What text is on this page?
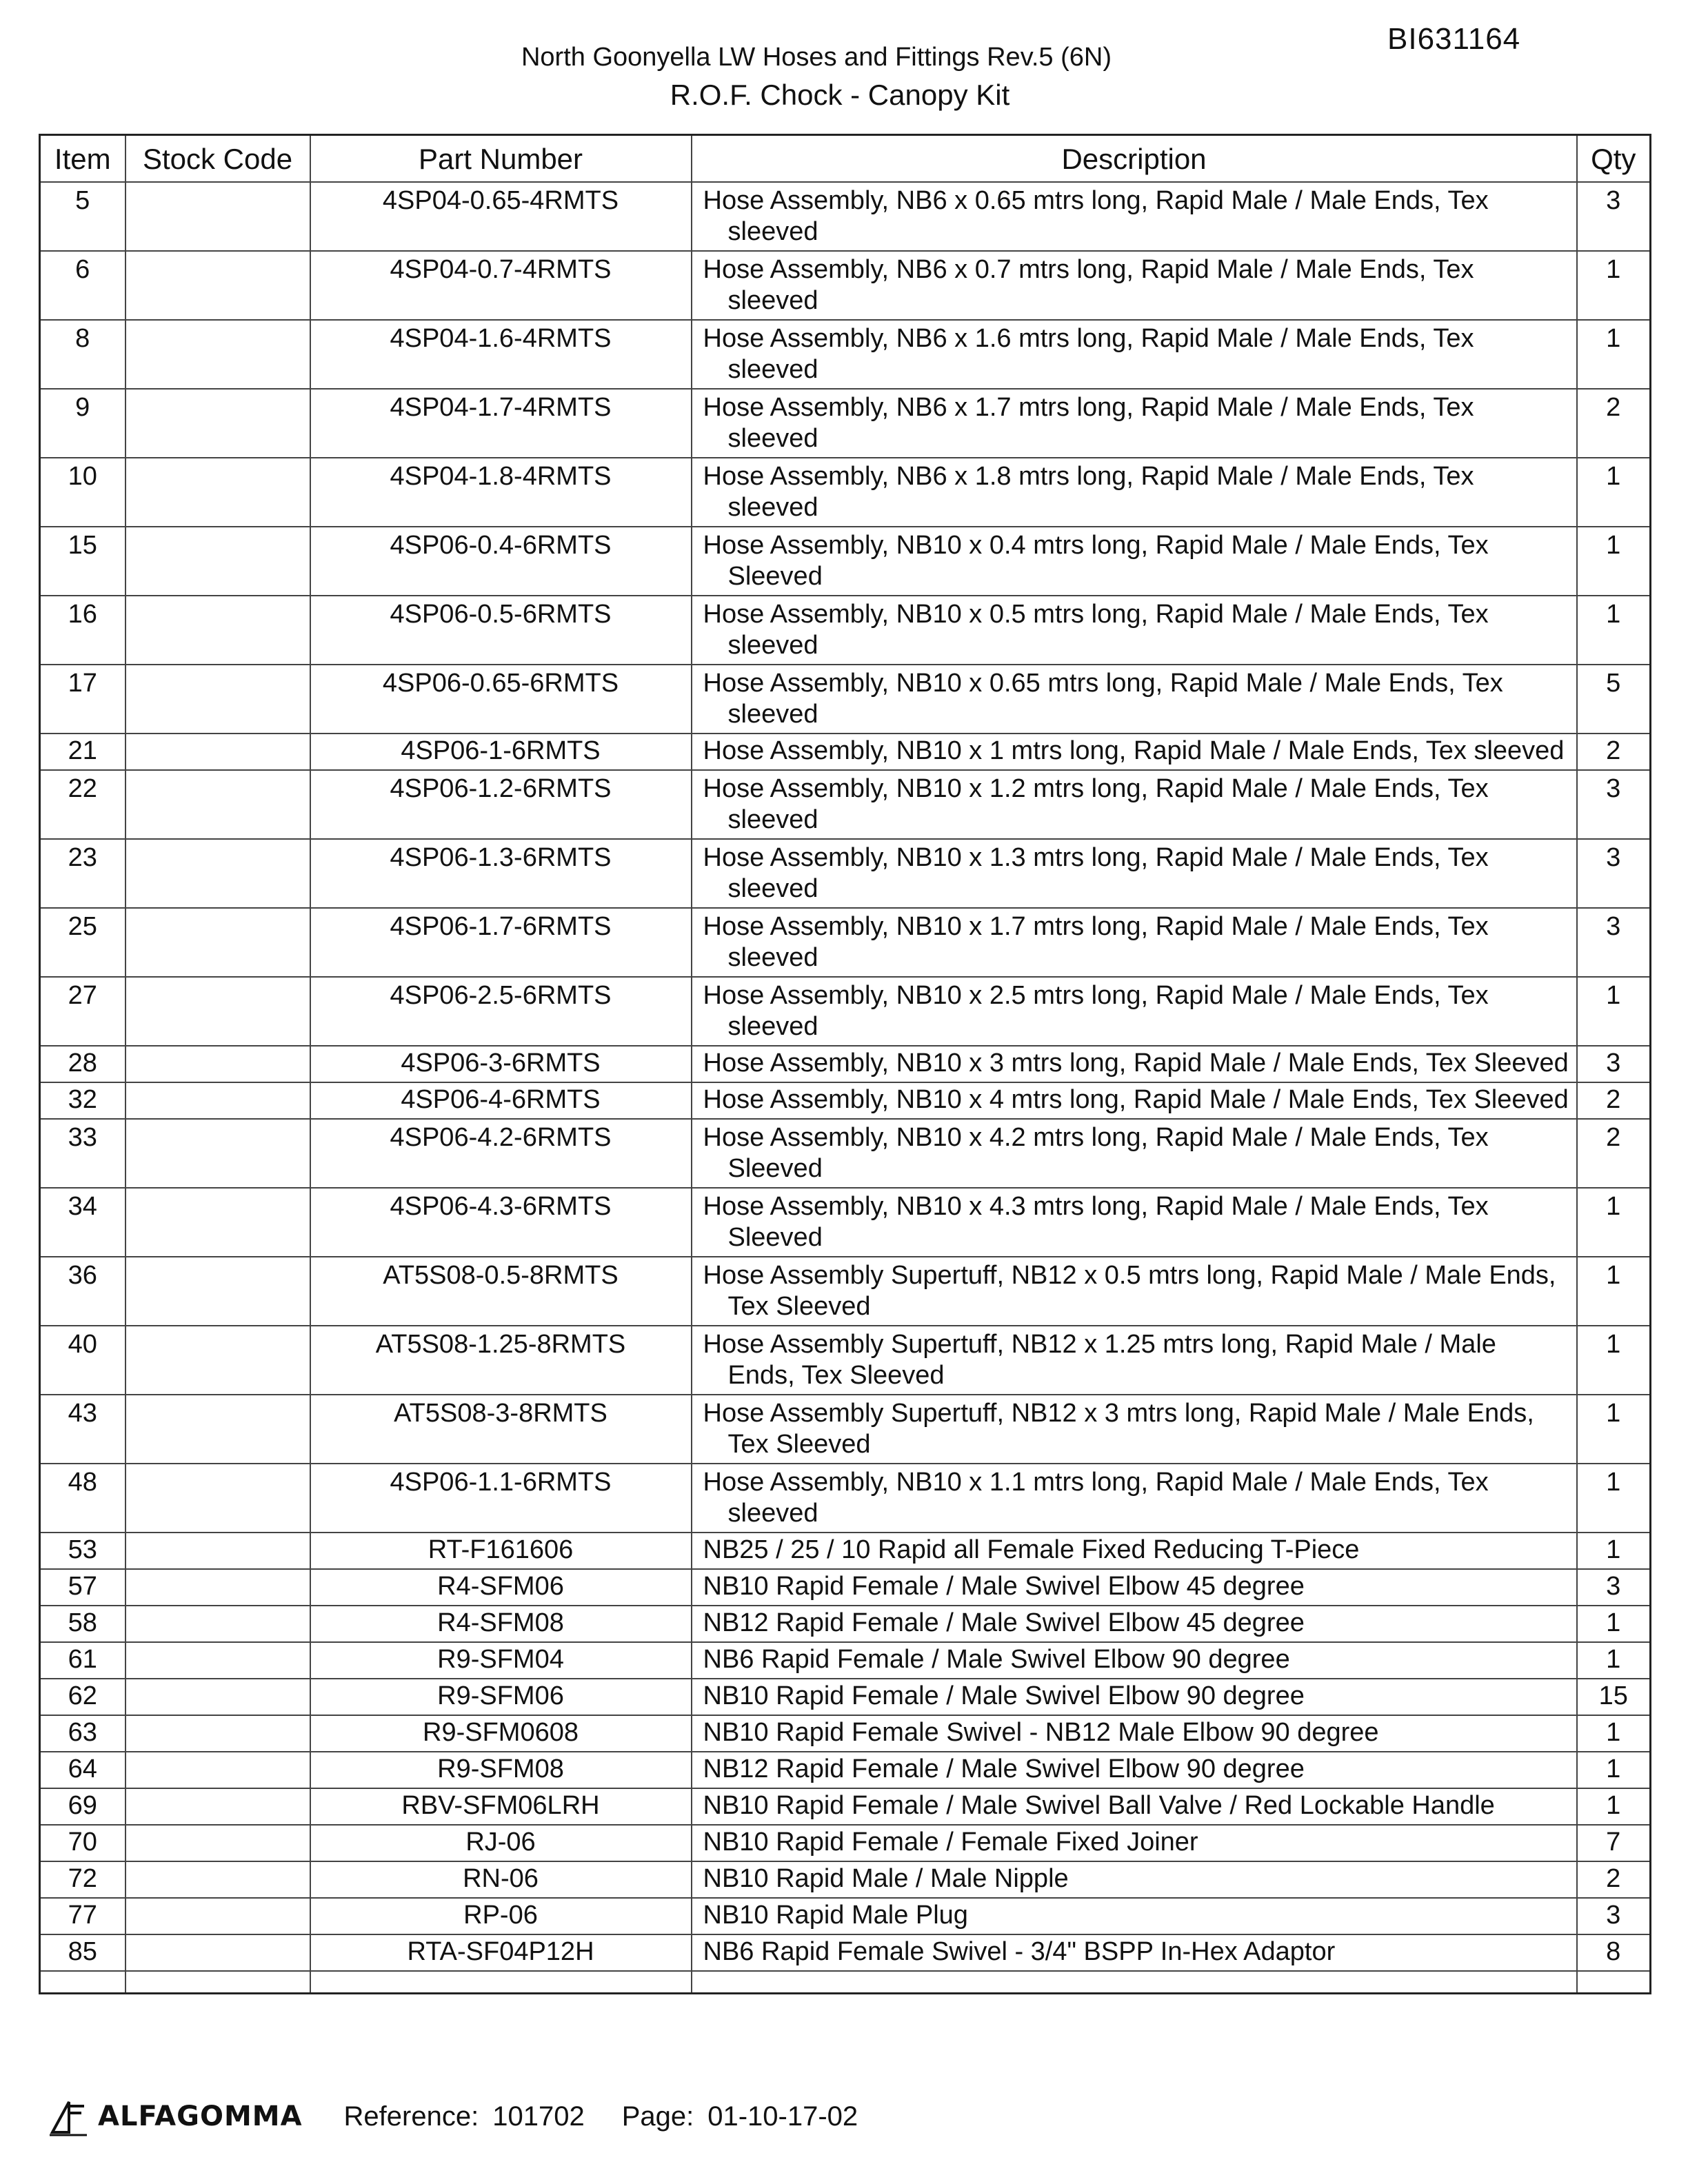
BI631164
North Goonyella LW Hoses and Fittings Rev.5 (6N)
R.O.F. Chock - Canopy Kit
Item	Stock Code	Part Number	Description	Qty
5		4SP04-0.65-4RMTS	Hose Assembly, NB6 x 0.65 mtrs long, Rapid Male / Male Ends, Tex sleeved	3
6		4SP04-0.7-4RMTS	Hose Assembly, NB6 x 0.7 mtrs long, Rapid Male / Male Ends, Tex sleeved	1
8		4SP04-1.6-4RMTS	Hose Assembly, NB6 x 1.6 mtrs long, Rapid Male / Male Ends, Tex sleeved	1
9		4SP04-1.7-4RMTS	Hose Assembly, NB6 x 1.7 mtrs long, Rapid Male / Male Ends, Tex sleeved	2
10		4SP04-1.8-4RMTS	Hose Assembly, NB6 x 1.8 mtrs long, Rapid Male / Male Ends, Tex sleeved	1
15		4SP06-0.4-6RMTS	Hose Assembly, NB10 x 0.4 mtrs long, Rapid Male / Male Ends, Tex Sleeved	1
16		4SP06-0.5-6RMTS	Hose Assembly, NB10 x 0.5 mtrs long, Rapid Male / Male Ends, Tex sleeved	1
17		4SP06-0.65-6RMTS	Hose Assembly, NB10 x 0.65 mtrs long, Rapid Male / Male Ends, Tex sleeved	5
21		4SP06-1-6RMTS	Hose Assembly, NB10 x 1 mtrs long, Rapid Male / Male Ends, Tex sleeved	2
22		4SP06-1.2-6RMTS	Hose Assembly, NB10 x 1.2 mtrs long, Rapid Male / Male Ends, Tex sleeved	3
23		4SP06-1.3-6RMTS	Hose Assembly, NB10 x 1.3 mtrs long, Rapid Male / Male Ends, Tex sleeved	3
25		4SP06-1.7-6RMTS	Hose Assembly, NB10 x 1.7 mtrs long, Rapid Male / Male Ends, Tex sleeved	3
27		4SP06-2.5-6RMTS	Hose Assembly, NB10 x 2.5 mtrs long, Rapid Male / Male Ends, Tex sleeved	1
28		4SP06-3-6RMTS	Hose Assembly, NB10 x 3 mtrs long, Rapid Male / Male Ends, Tex Sleeved	3
32		4SP06-4-6RMTS	Hose Assembly, NB10 x 4 mtrs long, Rapid Male / Male Ends, Tex Sleeved	2
33		4SP06-4.2-6RMTS	Hose Assembly, NB10 x 4.2 mtrs long, Rapid Male / Male Ends, Tex Sleeved	2
34		4SP06-4.3-6RMTS	Hose Assembly, NB10 x 4.3 mtrs long, Rapid Male / Male Ends, Tex Sleeved	1
36		AT5S08-0.5-8RMTS	Hose Assembly Supertuff, NB12 x 0.5 mtrs long, Rapid Male / Male Ends, Tex Sleeved	1
40		AT5S08-1.25-8RMTS	Hose Assembly Supertuff, NB12 x 1.25 mtrs long, Rapid Male / Male Ends, Tex Sleeved	1
43		AT5S08-3-8RMTS	Hose Assembly Supertuff, NB12 x 3 mtrs long, Rapid Male / Male Ends, Tex Sleeved	1
48		4SP06-1.1-6RMTS	Hose Assembly, NB10 x 1.1 mtrs long, Rapid Male / Male Ends, Tex sleeved	1
53		RT-F161606	NB25 / 25 / 10 Rapid all Female Fixed Reducing T-Piece	1
57		R4-SFM06	NB10 Rapid Female / Male Swivel Elbow 45 degree	3
58		R4-SFM08	NB12 Rapid Female / Male Swivel Elbow 45 degree	1
61		R9-SFM04	NB6 Rapid Female / Male Swivel Elbow 90 degree	1
62		R9-SFM06	NB10 Rapid Female / Male Swivel Elbow 90 degree	15
63		R9-SFM0608	NB10 Rapid Female Swivel - NB12 Male Elbow 90 degree	1
64		R9-SFM08	NB12 Rapid Female / Male Swivel Elbow 90 degree	1
69		RBV-SFM06LRH	NB10 Rapid Female / Male Swivel Ball Valve / Red Lockable Handle	1
70		RJ-06	NB10 Rapid Female / Female Fixed Joiner	7
72		RN-06	NB10 Rapid Male / Male Nipple	2
77		RP-06	NB10 Rapid Male Plug	3
85		RTA-SF04P12H	NB6 Rapid Female Swivel - 3/4" BSPP In-Hex Adaptor	8

ALFAGOMMA Reference: 101702 Page: 01-10-17-02
